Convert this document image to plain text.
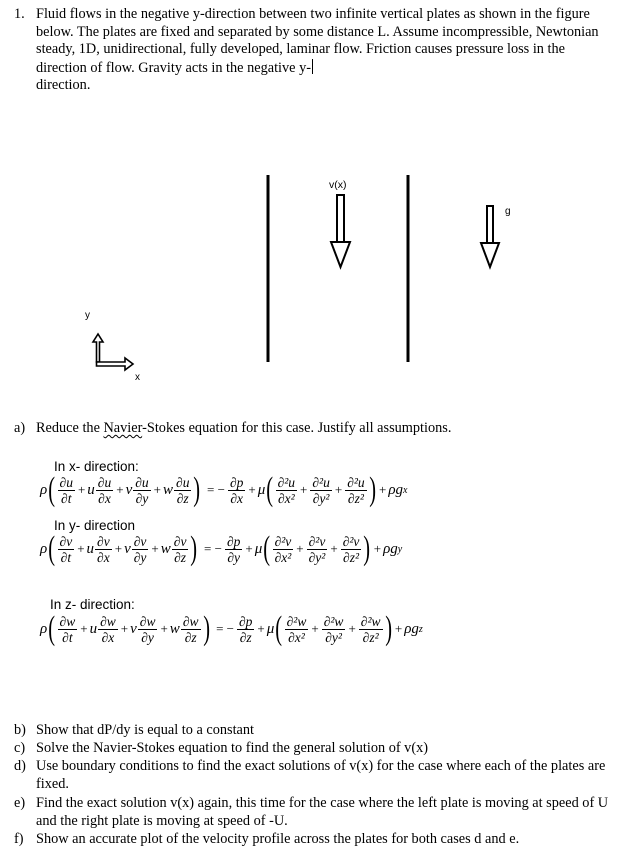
1. Fluid flows in the negative y-direction between two infinite vertical plates as shown in the figure below. The plates are fixed and separated by some distance L. Assume incompressible, Newtonian steady, 1D, unidirectional, fully developed, laminar flow. Friction causes pressure loss in the direction of flow. Gravity acts in the negative y-
direction.
v(x)
g
y
x
a) Reduce the Navier-Stokes equation for this case. Justify all assumptions.
In x- direction:
ρ ( $\frac{\partial u}{\partial t} + u \frac{\partial u}{\partial x} + v \frac{\partial u}{\partial y} + w \frac{\partial u}{\partial z}$ ) = − $\frac{\partial p}{\partial x} + \mu$ ( $\frac{\text{∂²u}}{\text{∂x²}} + \frac{\text{∂²u}}{\text{∂y²}} + \frac{\text{∂²u}}{\text{∂z²}}$ ) + ρg x
In y- direction
ρ ( $\frac{\partial v}{\partial t} + u \frac{\partial v}{\partial x} + v \frac{\partial v}{\partial y} + w \frac{\partial v}{\partial z}$ ) = − $\frac{\partial p}{\partial y} + \mu$ ( $\frac{\text{∂²v}}{\text{∂x²}} + \frac{\text{∂²v}}{\text{∂y²}} + \frac{\text{∂²v}}{\text{∂z²}}$ ) + ρg y
In z- direction:
ρ ( $\frac{\partial w}{\partial t} + u \frac{\partial w}{\partial x} + v \frac{\partial w}{\partial y} + w \frac{\partial w}{\partial z}$ ) = − $\frac{\partial p}{\partial z} + \mu$ ( $\frac{\text{∂²w}}{\text{∂x²}} + \frac{\text{∂²w}}{\text{∂y²}} + \frac{\text{∂²w}}{\text{∂z²}}$ ) + ρg z
b) Show that dP/dy is equal to a constant
c) Solve the Navier-Stokes equation to find the general solution of v(x)
d) Use boundary conditions to find the exact solutions of v(x) for the case where each of the plates are fixed.
e) Find the exact solution v(x) again, this time for the case where the left plate is moving at speed of U and the right plate is moving at speed of -U.
f) Show an accurate plot of the velocity profile across the plates for both cases d and e.
